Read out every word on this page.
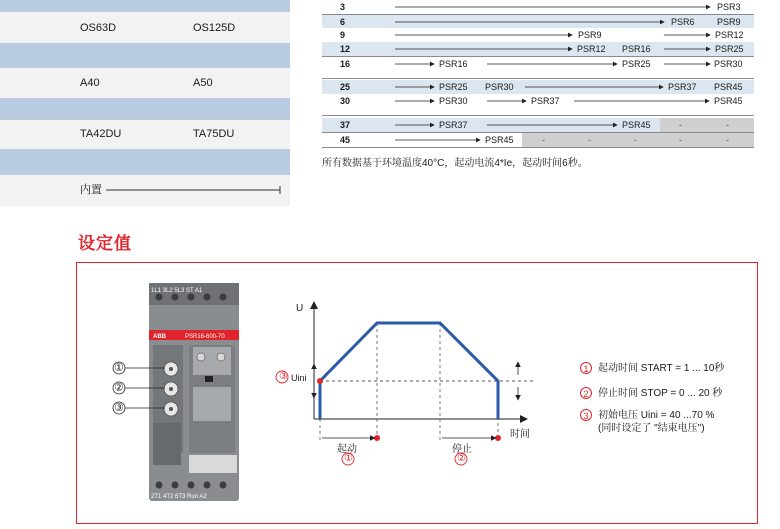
OS63D	OS125D
A40	A50
TA42DU	TA75DU
内置
3	PSR3
6	PSR6 PSR9
9	PSR9	PSR12
12	PSR12 PSR16	PSR25
16	PSR16	PSR25	PSR30
25	PSR25 PSR30	PSR37 PSR45
30	PSR30	PSR37	PSR45
37	PSR37	PSR45	-	-
45	PSR45	-	-	-	-	-
所有数据基于环境温度40°C，起动电流4*Ie，起动时间6秒。
设定值
1L1 3L2 5L3 ST A1
ABB	PSR16-600-70
2T1 4T2 6T3 Run A2
①
②
③
U
时间
③ Uini
起动
①
停止
②
1 起动时间 START = 1 ... 10秒
2 停止时间 STOP = 0 ... 20 秒
3 初始电压 Uini = 40 ...70 %
(同时设定了 "结束电压")
